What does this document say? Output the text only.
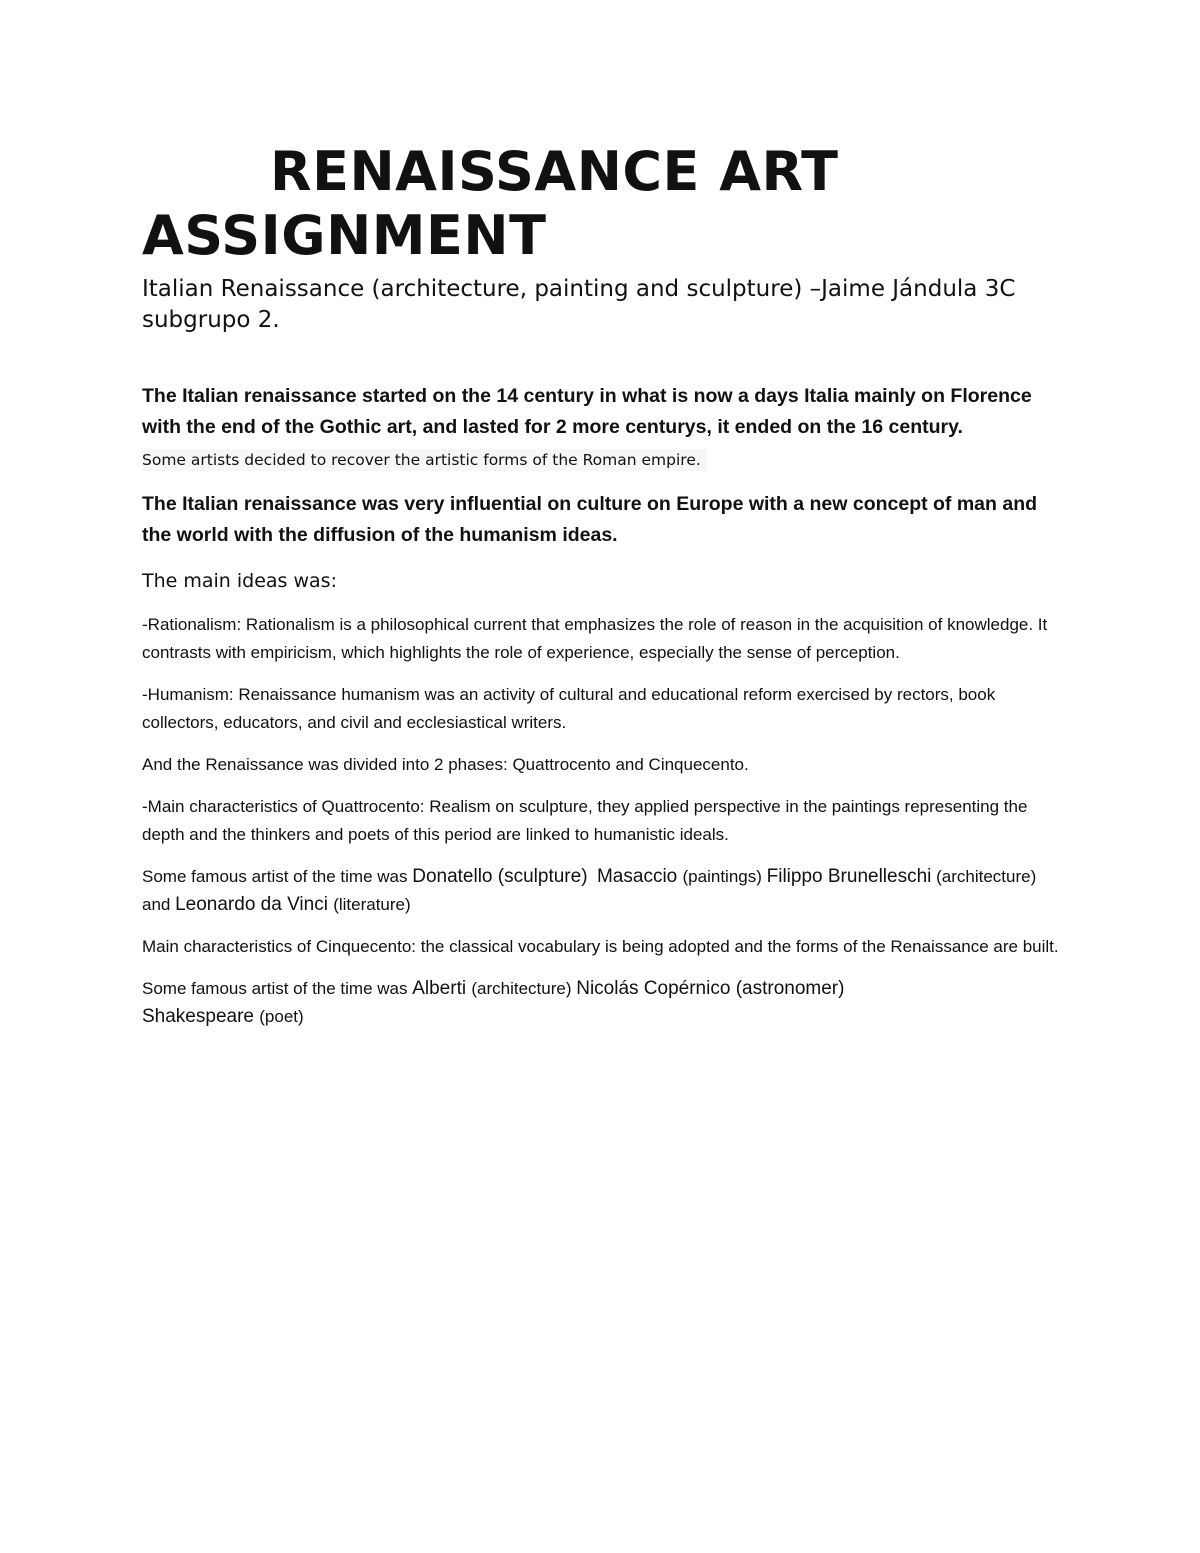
RENAISSANCE ART
ASSIGNMENT

Italian Renaissance (architecture, painting and sculpture) –Jaime Jándula 3C subgrupo 2.

The Italian renaissance started on the 14 century in what is now a days Italia mainly on Florence with the end of the Gothic art, and lasted for 2 more centurys, it ended on the 16 century.

Some artists decided to recover the artistic forms of the Roman empire.

The Italian renaissance was very influential on culture on Europe with a new concept of man and the world with the diffusion of the humanism ideas.

The main ideas was:

-Rationalism: Rationalism is a philosophical current that emphasizes the role of reason in the acquisition of knowledge. It contrasts with empiricism, which highlights the role of experience, especially the sense of perception.

-Humanism: Renaissance humanism was an activity of cultural and educational reform exercised by rectors, book collectors, educators, and civil and ecclesiastical writers.

And the Renaissance was divided into 2 phases: Quattrocento and Cinquecento.

-Main characteristics of Quattrocento: Realism on sculpture, they applied perspective in the paintings representing the depth and the thinkers and poets of this period are linked to humanistic ideals.

Some famous artist of the time was Donatello (sculpture) Masaccio (paintings) Filippo Brunelleschi (architecture) and Leonardo da Vinci (literature)

Main characteristics of Cinquecento: the classical vocabulary is being adopted and the forms of the Renaissance are built.

Some famous artist of the time was Alberti (architecture) Nicolás Copérnico (astronomer)
Shakespeare (poet)
